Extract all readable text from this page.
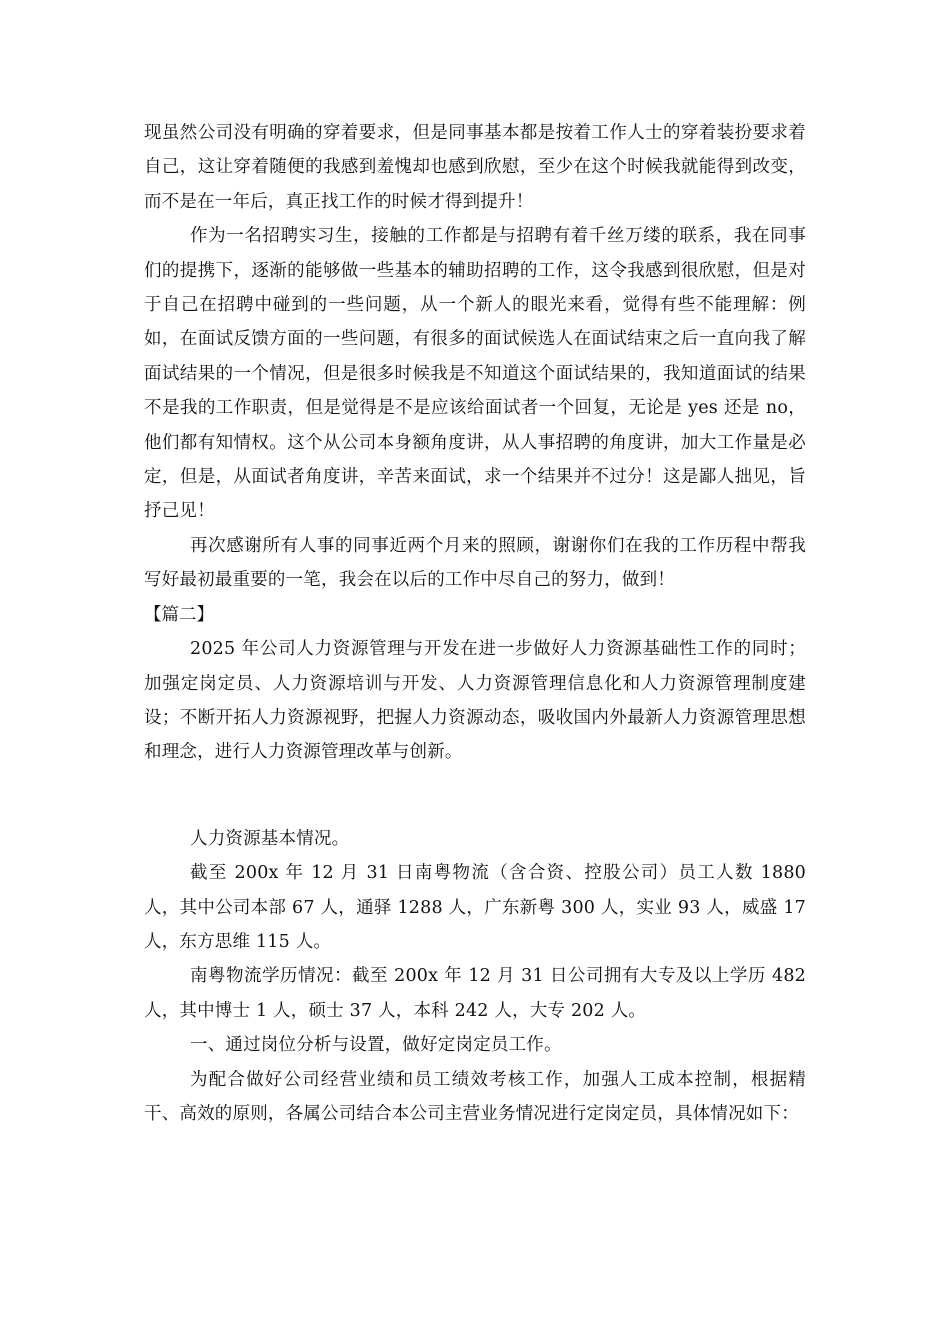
现虽然公司没有明确的穿着要求，但是同事基本都是按着工作人士的穿着装扮要求着自己，这让穿着随便的我感到羞愧却也感到欣慰，至少在这个时候我就能得到改变，而不是在一年后，真正找工作的时候才得到提升！

作为一名招聘实习生，接触的工作都是与招聘有着千丝万缕的联系，我在同事们的提携下，逐渐的能够做一些基本的辅助招聘的工作，这令我感到很欣慰，但是对于自己在招聘中碰到的一些问题，从一个新人的眼光来看，觉得有些不能理解：例如，在面试反馈方面的一些问题，有很多的面试候选人在面试结束之后一直向我了解面试结果的一个情况，但是很多时候我是不知道这个面试结果的，我知道面试的结果不是我的工作职责，但是觉得是不是应该给面试者一个回复，无论是 yes 还是 no，他们都有知情权。这个从公司本身额角度讲，从人事招聘的角度讲，加大工作量是必定，但是，从面试者角度讲，辛苦来面试，求一个结果并不过分！这是鄙人拙见，旨抒己见！

再次感谢所有人事的同事近两个月来的照顾，谢谢你们在我的工作历程中帮我写好最初最重要的一笔，我会在以后的工作中尽自己的努力，做到！

【篇二】

2025 年公司人力资源管理与开发在进一步做好人力资源基础性工作的同时；加强定岗定员、人力资源培训与开发、人力资源管理信息化和人力资源管理制度建设；不断开拓人力资源视野，把握人力资源动态，吸收国内外最新人力资源管理思想和理念，进行人力资源管理改革与创新。

人力资源基本情况。

截至 200x 年 12 月 31 日南粤物流（含合资、控股公司）员工人数 1880 人，其中公司本部 67 人，通驿 1288 人，广东新粤 300 人，实业 93 人，威盛 17 人，东方思维 115 人。

南粤物流学历情况：截至 200x 年 12 月 31 日公司拥有大专及以上学历 482 人，其中博士 1 人，硕士 37 人，本科 242 人，大专 202 人。

一、通过岗位分析与设置，做好定岗定员工作。

为配合做好公司经营业绩和员工绩效考核工作，加强人工成本控制，根据精干、高效的原则，各属公司结合本公司主营业务情况进行定岗定员，具体情况如下：
